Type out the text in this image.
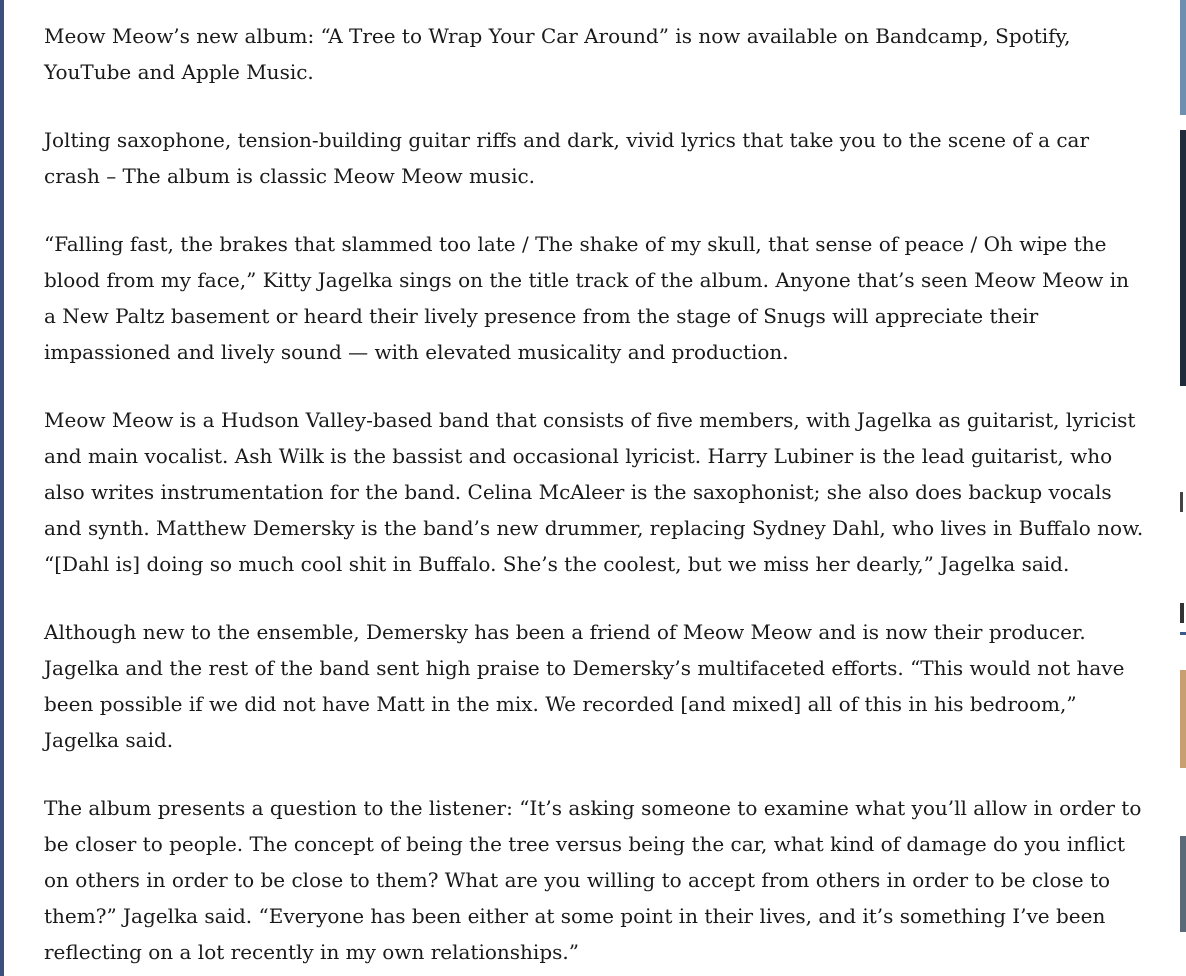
Meow Meow’s new album: “A Tree to Wrap Your Car Around” is now available on Bandcamp, Spotify, YouTube and Apple Music.

Jolting saxophone, tension-building guitar riffs and dark, vivid lyrics that take you to the scene of a car crash – The album is classic Meow Meow music.

“Falling fast, the brakes that slammed too late / The shake of my skull, that sense of peace / Oh wipe the blood from my face,” Kitty Jagelka sings on the title track of the album. Anyone that’s seen Meow Meow in a New Paltz basement or heard their lively presence from the stage of Snugs will appreciate their impassioned and lively sound — with elevated musicality and production.

Meow Meow is a Hudson Valley-based band that consists of five members, with Jagelka as guitarist, lyricist and main vocalist. Ash Wilk is the bassist and occasional lyricist. Harry Lubiner is the lead guitarist, who also writes instrumentation for the band. Celina McAleer is the saxophonist; she also does backup vocals and synth. Matthew Demersky is the band’s new drummer, replacing Sydney Dahl, who lives in Buffalo now. “[Dahl is] doing so much cool shit in Buffalo. She’s the coolest, but we miss her dearly,” Jagelka said.

Although new to the ensemble, Demersky has been a friend of Meow Meow and is now their producer. Jagelka and the rest of the band sent high praise to Demersky’s multifaceted efforts. “This would not have been possible if we did not have Matt in the mix. We recorded [and mixed] all of this in his bedroom,” Jagelka said.

The album presents a question to the listener: “It’s asking someone to examine what you’ll allow in order to be closer to people. The concept of being the tree versus being the car, what kind of damage do you inflict on others in order to be close to them? What are you willing to accept from others in order to be close to them?” Jagelka said. “Everyone has been either at some point in their lives, and it’s something I’ve been reflecting on a lot recently in my own relationships.”
